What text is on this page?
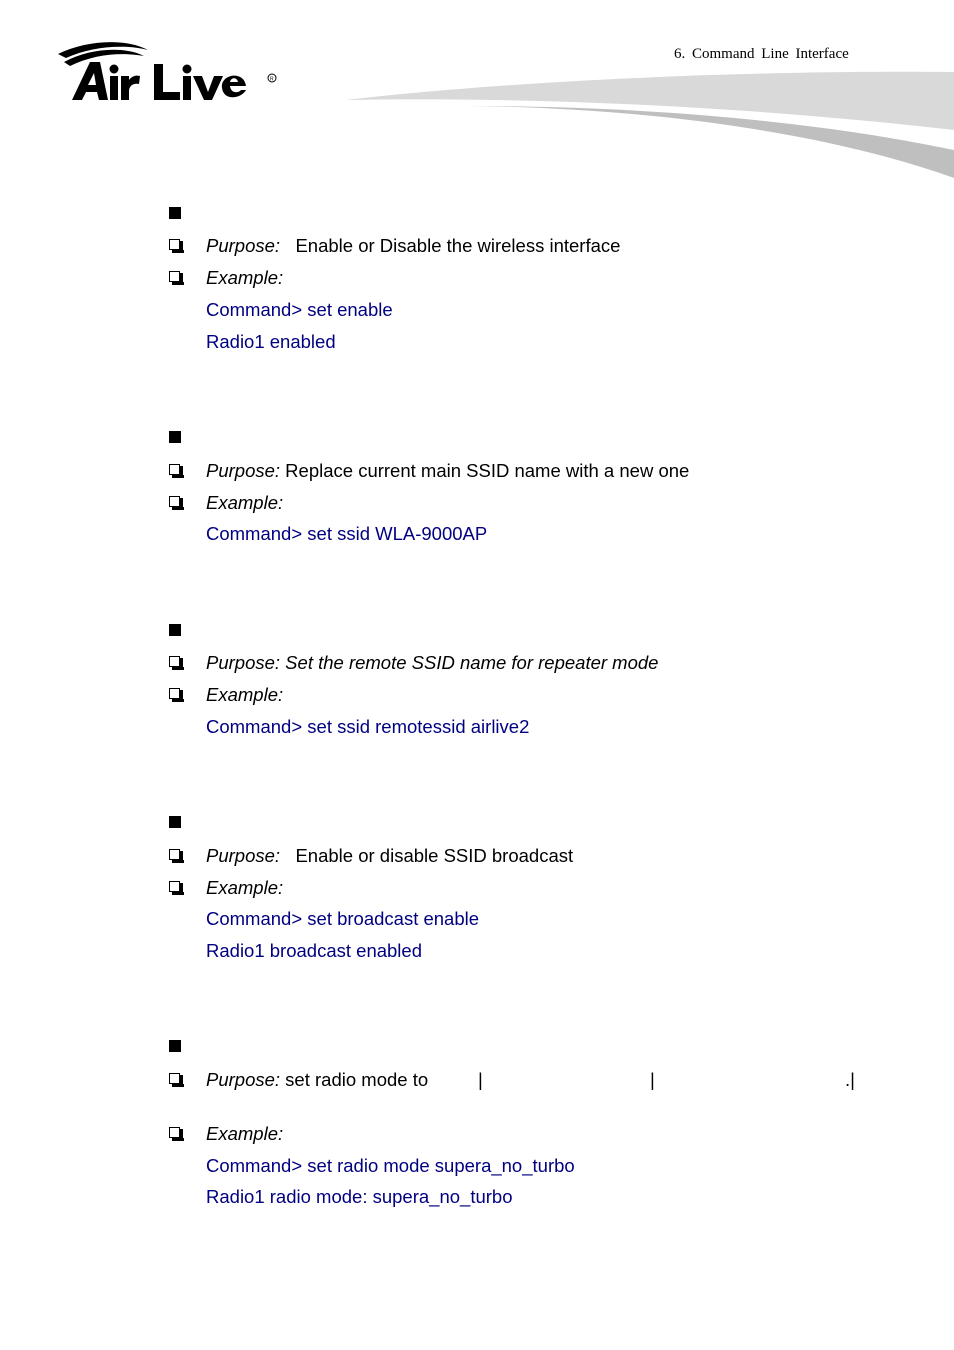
R
6. Command Line Interface
Purpose:   Enable or Disable the wireless interface
Example:
Command> set enable
Radio1 enabled
Purpose: Replace current main SSID name with a new one
Example:
Command> set ssid WLA-9000AP
Purpose: Set the remote SSID name for repeater mode
Example:
Command> set ssid remotessid airlive2
Purpose:   Enable or disable SSID broadcast
Example:
Command> set broadcast enable
Radio1 broadcast enabled
Purpose: set radio mode to	|	|	.|
Example:
Command> set radio mode supera_no_turbo
Radio1 radio mode: supera_no_turbo
